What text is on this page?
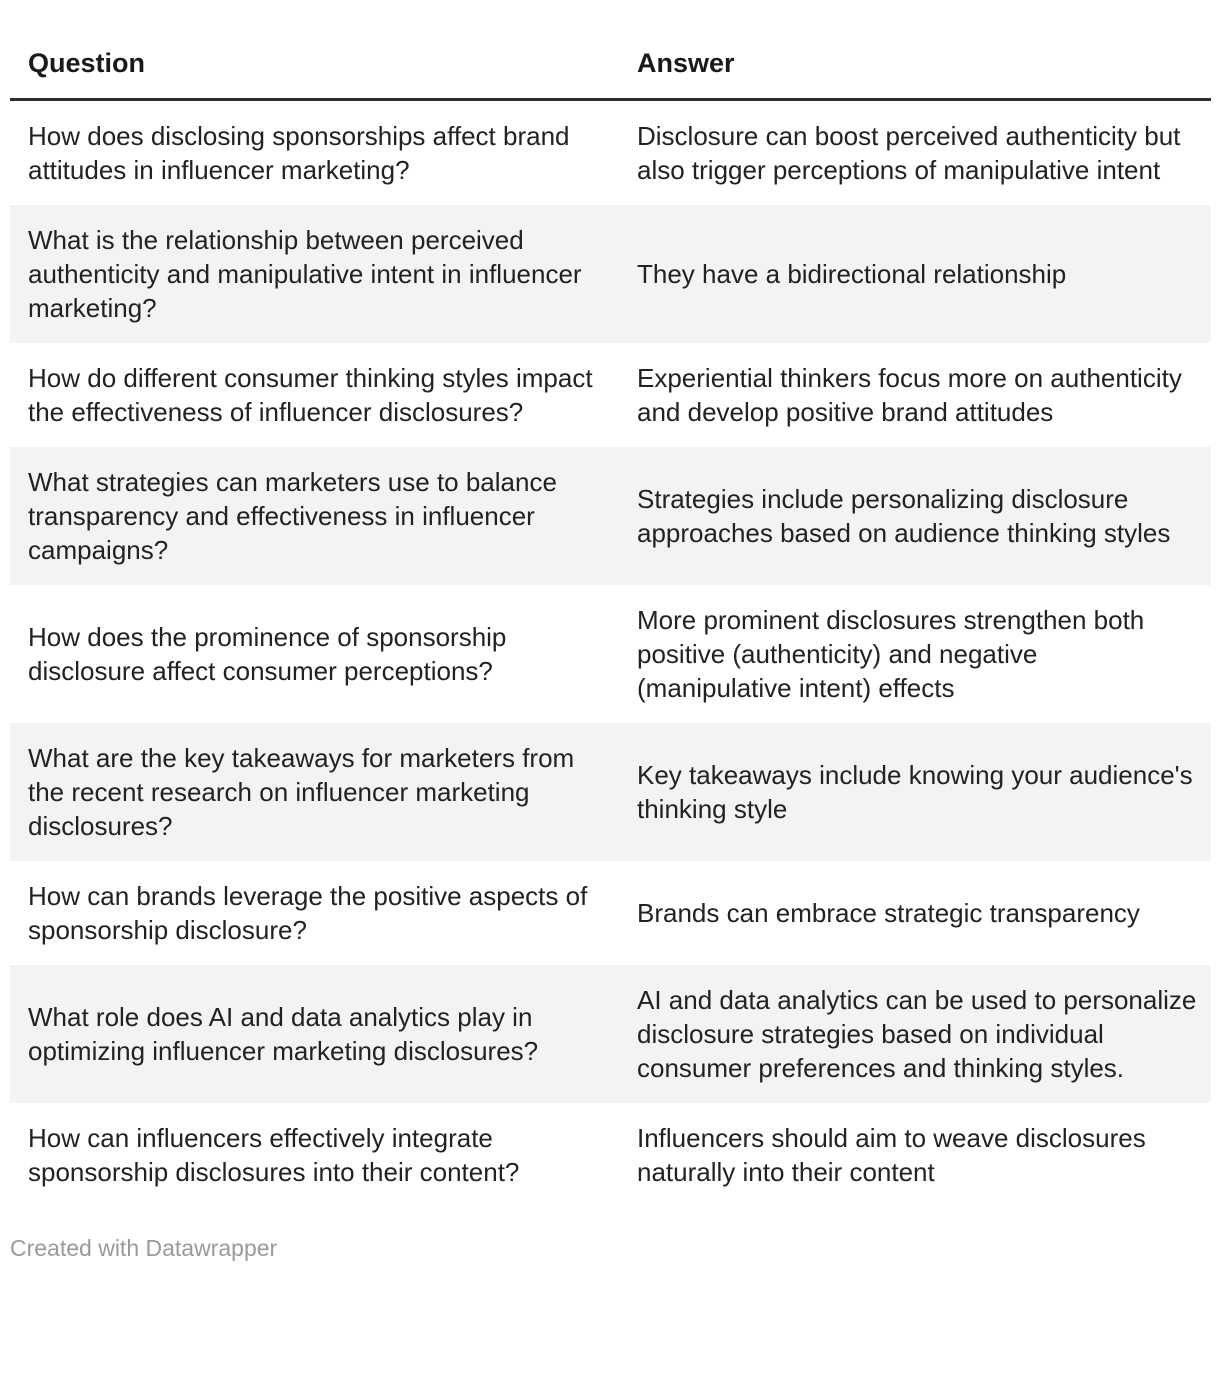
Question	Answer
How does disclosing sponsorships affect brand attitudes in influencer marketing?	Disclosure can boost perceived authenticity but also trigger perceptions of manipulative intent
What is the relationship between perceived authenticity and manipulative intent in influencer marketing?	They have a bidirectional relationship
How do different consumer thinking styles impact the effectiveness of influencer disclosures?	Experiential thinkers focus more on authenticity and develop positive brand attitudes
What strategies can marketers use to balance transparency and effectiveness in influencer campaigns?	Strategies include personalizing disclosure approaches based on audience thinking styles
How does the prominence of sponsorship disclosure affect consumer perceptions?	More prominent disclosures strengthen both positive (authenticity) and negative (manipulative intent) effects
What are the key takeaways for marketers from the recent research on influencer marketing disclosures?	Key takeaways include knowing your audience's thinking style
How can brands leverage the positive aspects of sponsorship disclosure?	Brands can embrace strategic transparency
What role does AI and data analytics play in optimizing influencer marketing disclosures?	AI and data analytics can be used to personalize disclosure strategies based on individual consumer preferences and thinking styles.
How can influencers effectively integrate sponsorship disclosures into their content?	Influencers should aim to weave disclosures naturally into their content
Created with Datawrapper
